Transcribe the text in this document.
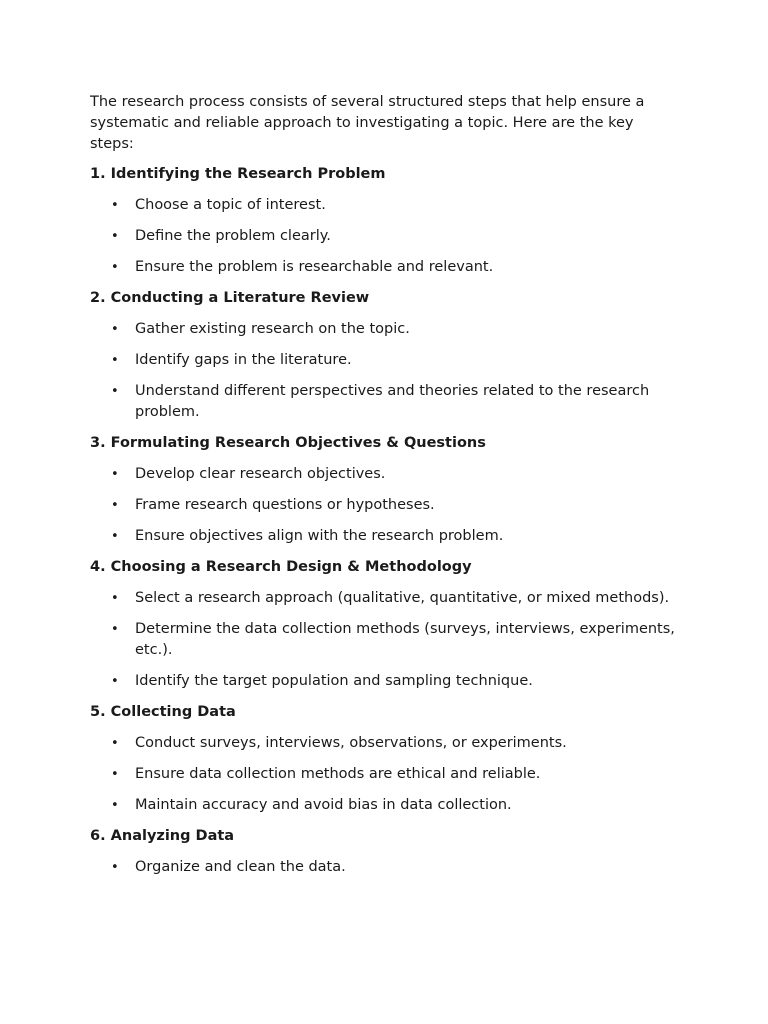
The research process consists of several structured steps that help ensure a systematic and reliable approach to investigating a topic. Here are the key steps:

1. Identifying the Research Problem
• Choose a topic of interest.
• Define the problem clearly.
• Ensure the problem is researchable and relevant.
2. Conducting a Literature Review
• Gather existing research on the topic.
• Identify gaps in the literature.
• Understand different perspectives and theories related to the research problem.
3. Formulating Research Objectives & Questions
• Develop clear research objectives.
• Frame research questions or hypotheses.
• Ensure objectives align with the research problem.
4. Choosing a Research Design & Methodology
• Select a research approach (qualitative, quantitative, or mixed methods).
• Determine the data collection methods (surveys, interviews, experiments, etc.).
• Identify the target population and sampling technique.
5. Collecting Data
• Conduct surveys, interviews, observations, or experiments.
• Ensure data collection methods are ethical and reliable.
• Maintain accuracy and avoid bias in data collection.
6. Analyzing Data
• Organize and clean the data.
